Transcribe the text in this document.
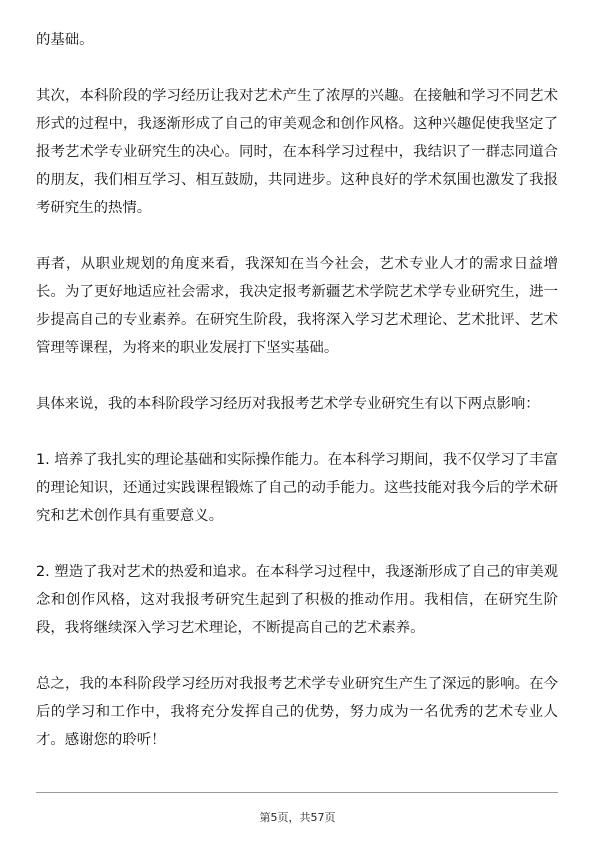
的基础。

其次，本科阶段的学习经历让我对艺术产生了浓厚的兴趣。在接触和学习不同艺术形式的过程中，我逐渐形成了自己的审美观念和创作风格。这种兴趣促使我坚定了报考艺术学专业研究生的决心。同时，在本科学习过程中，我结识了一群志同道合的朋友，我们相互学习、相互鼓励，共同进步。这种良好的学术氛围也激发了我报考研究生的热情。

再者，从职业规划的角度来看，我深知在当今社会，艺术专业人才的需求日益增长。为了更好地适应社会需求，我决定报考新疆艺术学院艺术学专业研究生，进一步提高自己的专业素养。在研究生阶段，我将深入学习艺术理论、艺术批评、艺术管理等课程，为将来的职业发展打下坚实基础。

具体来说，我的本科阶段学习经历对我报考艺术学专业研究生有以下两点影响：

1. 培养了我扎实的理论基础和实际操作能力。在本科学习期间，我不仅学习了丰富的理论知识，还通过实践课程锻炼了自己的动手能力。这些技能对我今后的学术研究和艺术创作具有重要意义。

2. 塑造了我对艺术的热爱和追求。在本科学习过程中，我逐渐形成了自己的审美观念和创作风格，这对我报考研究生起到了积极的推动作用。我相信，在研究生阶段，我将继续深入学习艺术理论，不断提高自己的艺术素养。

总之，我的本科阶段学习经历对我报考艺术学专业研究生产生了深远的影响。在今后的学习和工作中，我将充分发挥自己的优势，努力成为一名优秀的艺术专业人才。感谢您的聆听！

第5页，共57页
